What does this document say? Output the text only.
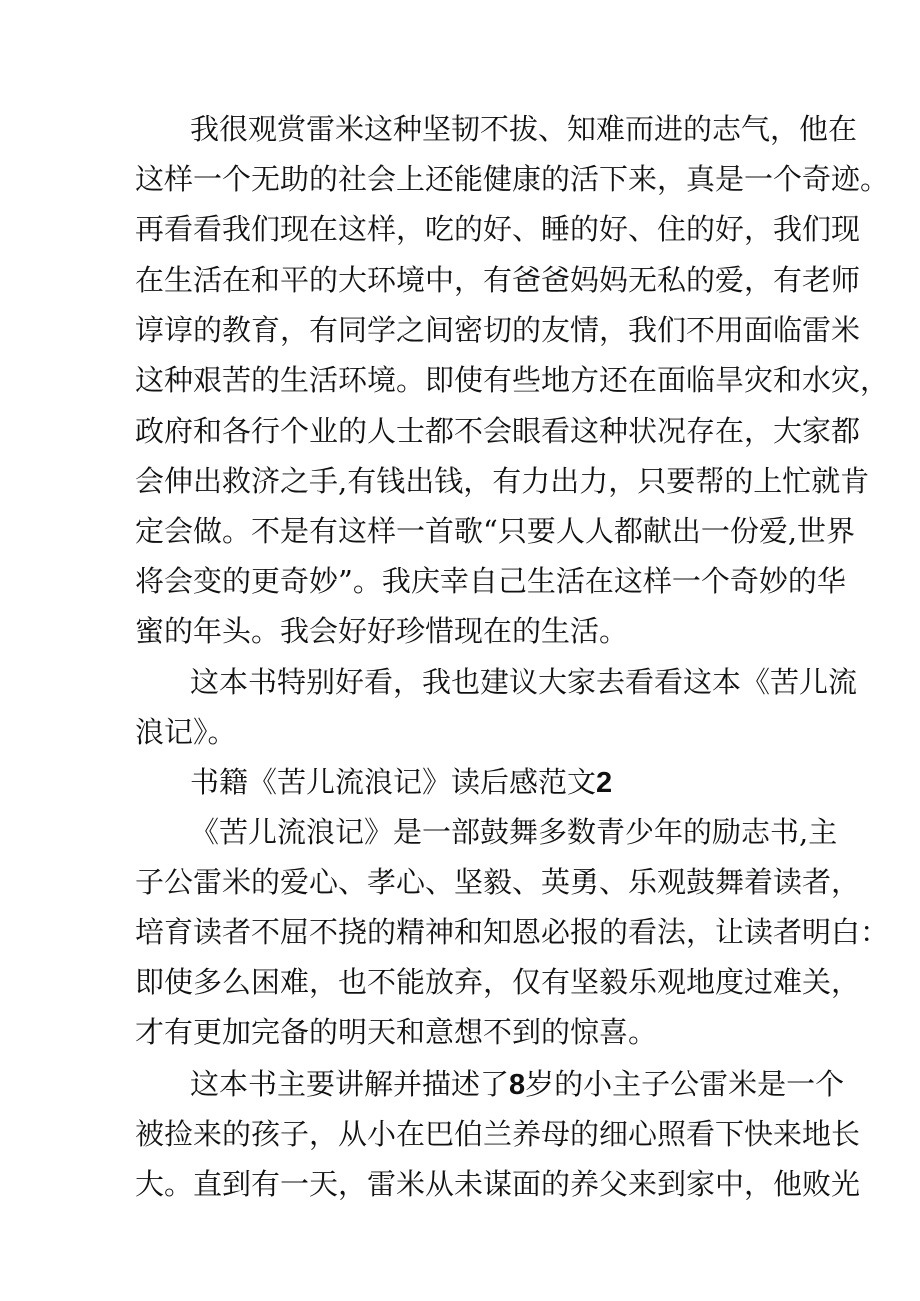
我很观赏雷米这种坚韧不拔、知难而进的志气，他在
这样一个无助的社会上还能健康的活下来，真是一个奇迹。
再看看我们现在这样，吃的好、睡的好、住的好，我们现
在生活在和平的大环境中，有爸爸妈妈无私的爱，有老师
谆谆的教育，有同学之间密切的友情，我们不用面临雷米
这种艰苦的生活环境。即使有些地方还在面临旱灾和水灾，
政府和各行个业的人士都不会眼看这种状况存在，大家都
会伸出救济之手,有钱出钱，有力出力，只要帮的上忙就肯
定会做。不是有这样一首歌“只要人人都献出一份爱,世界
将会变的更奇妙”。我庆幸自己生活在这样一个奇妙的华
蜜的年头。我会好好珍惜现在的生活。
这本书特别好看，我也建议大家去看看这本《苦儿流
浪记》。
书籍《苦儿流浪记》读后感范文2
《苦儿流浪记》是一部鼓舞多数青少年的励志书,主
子公雷米的爱心、孝心、坚毅、英勇、乐观鼓舞着读者，
培育读者不屈不挠的精神和知恩必报的看法，让读者明白：
即使多么困难，也不能放弃，仅有坚毅乐观地度过难关，
才有更加完备的明天和意想不到的惊喜。
这本书主要讲解并描述了8岁的小主子公雷米是一个
被捡来的孩子，从小在巴伯兰养母的细心照看下快来地长
大。直到有一天，雷米从未谋面的养父来到家中，他败光
